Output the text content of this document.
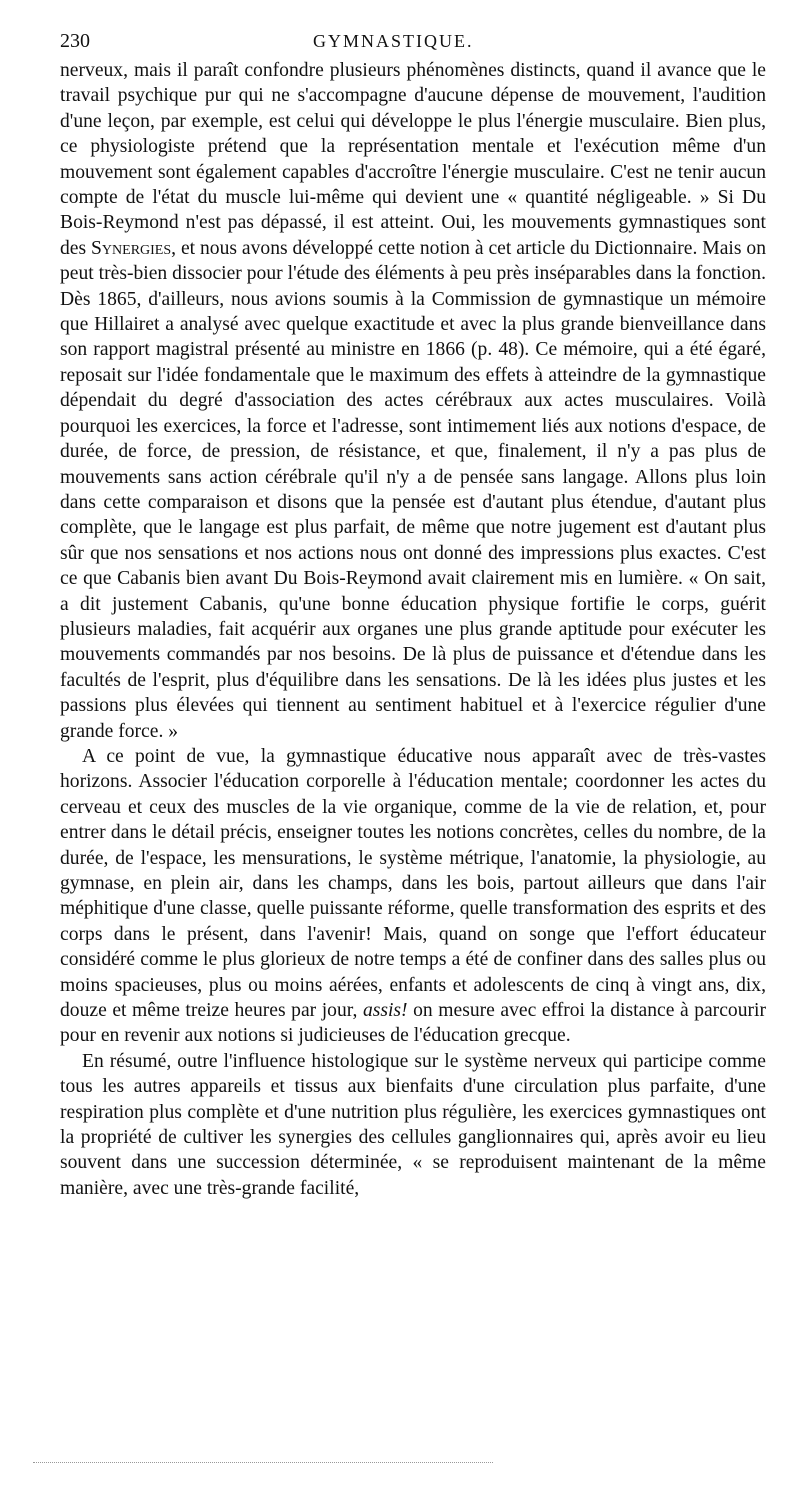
230	GYMNASTIQUE.

nerveux, mais il paraît confondre plusieurs phénomènes distincts, quand il avance que le travail psychique pur qui ne s'accompagne d'aucune dépense de mouvement, l'audition d'une leçon, par exemple, est celui qui développe le plus l'énergie musculaire. Bien plus, ce physiologiste prétend que la représentation mentale et l'exécution même d'un mouvement sont également capables d'accroître l'énergie musculaire. C'est ne tenir aucun compte de l'état du muscle lui-même qui devient une « quantité négligeable. » Si Du Bois-Reymond n'est pas dépassé, il est atteint. Oui, les mouvements gymnastiques sont des Synergies, et nous avons développé cette notion à cet article du Dictionnaire. Mais on peut très-bien dissocier pour l'étude des éléments à peu près inséparables dans la fonction. Dès 1865, d'ailleurs, nous avions soumis à la Commission de gymnastique un mémoire que Hillairet a analysé avec quelque exactitude et avec la plus grande bienveillance dans son rapport magistral présenté au ministre en 1866 (p. 48). Ce mémoire, qui a été égaré, reposait sur l'idée fondamentale que le maximum des effets à atteindre de la gymnastique dépendait du degré d'association des actes cérébraux aux actes musculaires. Voilà pourquoi les exercices, la force et l'adresse, sont intimement liés aux notions d'espace, de durée, de force, de pression, de résistance, et que, finalement, il n'y a pas plus de mouvements sans action cérébrale qu'il n'y a de pensée sans langage. Allons plus loin dans cette comparaison et disons que la pensée est d'autant plus étendue, d'autant plus complète, que le langage est plus parfait, de même que notre jugement est d'autant plus sûr que nos sensations et nos actions nous ont donné des impressions plus exactes. C'est ce que Cabanis bien avant Du Bois-Reymond avait clairement mis en lumière. « On sait, a dit justement Cabanis, qu'une bonne éducation physique fortifie le corps, guérit plusieurs maladies, fait acquérir aux organes une plus grande aptitude pour exécuter les mouvements commandés par nos besoins. De là plus de puissance et d'étendue dans les facultés de l'esprit, plus d'équilibre dans les sensations. De là les idées plus justes et les passions plus élevées qui tiennent au sentiment habituel et à l'exercice régulier d'une grande force. »

A ce point de vue, la gymnastique éducative nous apparaît avec de très-vastes horizons. Associer l'éducation corporelle à l'éducation mentale; coordonner les actes du cerveau et ceux des muscles de la vie organique, comme de la vie de relation, et, pour entrer dans le détail précis, enseigner toutes les notions concrètes, celles du nombre, de la durée, de l'espace, les mensurations, le système métrique, l'anatomie, la physiologie, au gymnase, en plein air, dans les champs, dans les bois, partout ailleurs que dans l'air méphitique d'une classe, quelle puissante réforme, quelle transformation des esprits et des corps dans le présent, dans l'avenir! Mais, quand on songe que l'effort éducateur considéré comme le plus glorieux de notre temps a été de confiner dans des salles plus ou moins spacieuses, plus ou moins aérées, enfants et adolescents de cinq à vingt ans, dix, douze et même treize heures par jour, assis! on mesure avec effroi la distance à parcourir pour en revenir aux notions si judicieuses de l'éducation grecque.

En résumé, outre l'influence histologique sur le système nerveux qui participe comme tous les autres appareils et tissus aux bienfaits d'une circulation plus parfaite, d'une respiration plus complète et d'une nutrition plus régulière, les exercices gymnastiques ont la propriété de cultiver les synergies des cellules ganglionnaires qui, après avoir eu lieu souvent dans une succession déterminée, « se reproduisent maintenant de la même manière, avec une très-grande facilité,
